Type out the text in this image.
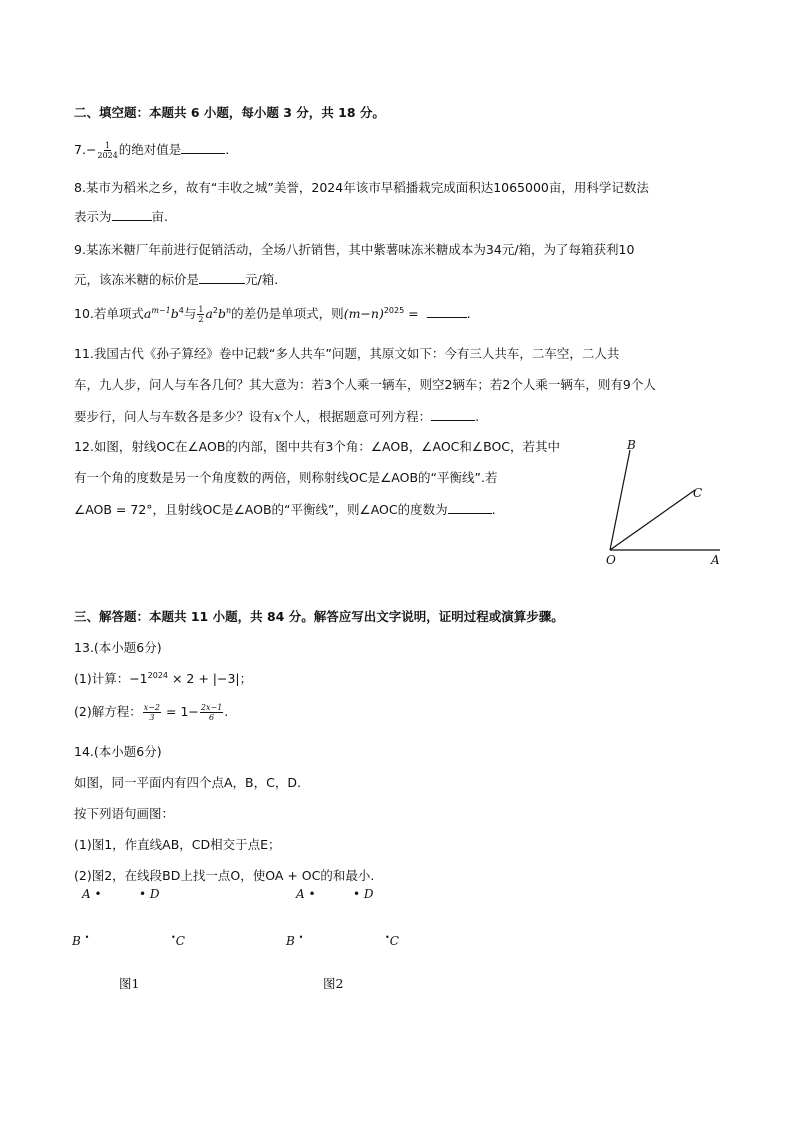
二、填空题：本题共 6 小题，每小题 3 分，共 18 分。
$7.- \frac{1}{2024}$ 的绝对值是	.
8.某市为稻米之乡，故有“丰收之城”美誉，2024年该市早稻播栽完成面积达1065000亩，用科学记数法
表示为	亩.
9.某冻米糖厂年前进行促销活动，全场八折销售，其中紫薯味冻米糖成本为34元/箱，为了每箱获利10
元，该冻米糖的标价是	元/箱.
10.若单项式$a^{m-1}b^4$与 $\frac{1}{2} a^2b^n$的差仍是单项式，则$(m-n)^{2025}$ =	.
11.我国古代《孙子算经》卷中记载“多人共车”问题，其原文如下：今有三人共车，二车空，二人共
车，九人步，问人与车各几何？其大意为：若3个人乘一辆车，则空2辆车；若2个人乘一辆车，则有9个人
要步行，问人与车数各是多少？设有x个人，根据题意可列方程：	.
12.如图，射线OC在∠AOB的内部，图中共有3个角：∠AOB，∠AOC和∠BOC，若其中
有一个角的度数是另一个角度数的两倍，则称射线OC是∠AOB的“平衡线”.若
∠AOB = 72°，且射线OC是∠AOB的“平衡线”，则∠AOC的度数为	.
B
C
O	A
三、解答题：本题共 11 小题，共 84 分。解答应写出文字说明，证明过程或演算步骤。
13.(本小题6分)
(1)计算：$-1^{2024} \times 2 + |-3|$；
(2)解方程： $\frac{x-2}{3} = 1- \frac{2x-1}{6}$ .
14.(本小题6分)
如图，同一平面内有四个点A，B，C，D.
按下列语句画图：
(1)图1，作直线AB，CD相交于点E；
(2)图2，在线段BD上找一点O，使OA + OC的和最小.
A •	• D
B •	•C
图1
A •	• D
B •	•C
图2
